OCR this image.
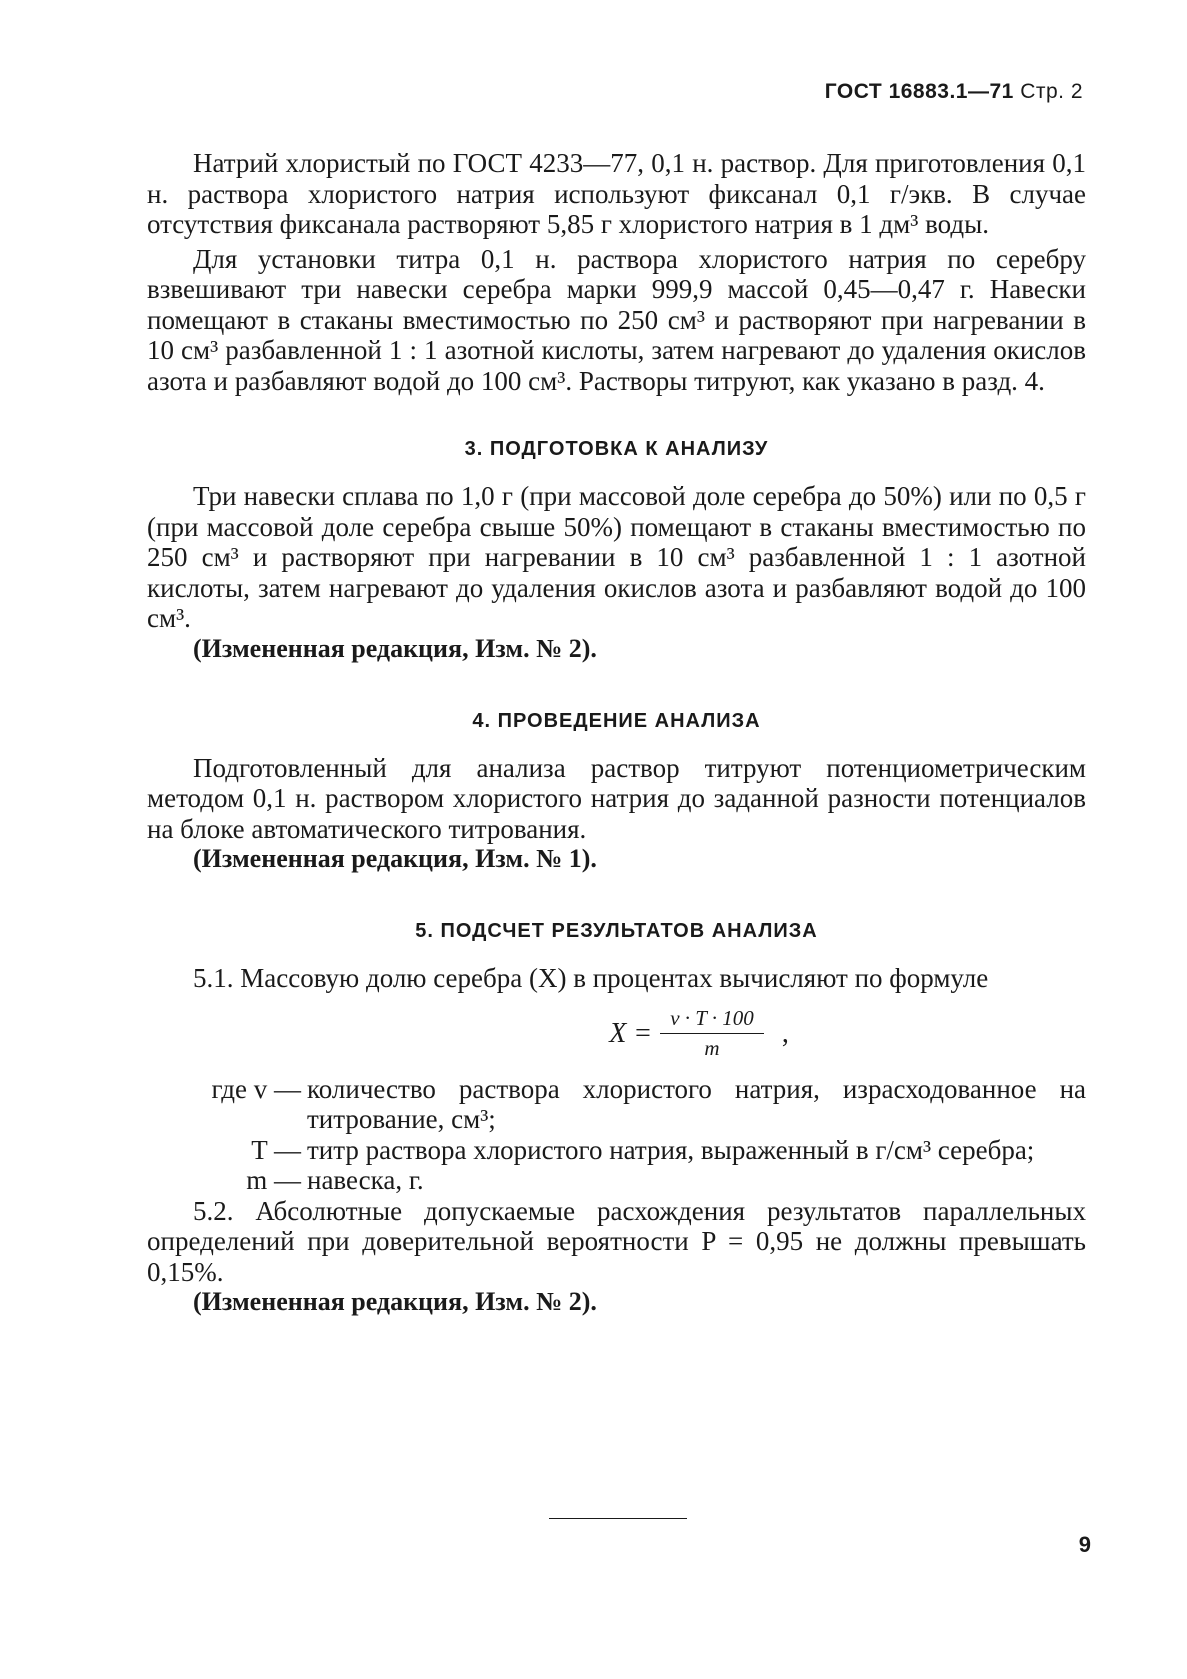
ГОСТ 16883.1—71 Стр. 2

Натрий хлористый по ГОСТ 4233—77, 0,1 н. раствор. Для приготовления 0,1 н. раствора хлористого натрия используют фиксанал 0,1 г/экв. В случае отсутствия фиксанала растворяют 5,85 г хлористого натрия в 1 дм³ воды.

Для установки титра 0,1 н. раствора хлористого натрия по серебру взвешивают три навески серебра марки 999,9 массой 0,45—0,47 г. Навески помещают в стаканы вместимостью по 250 см³ и растворяют при нагревании в 10 см³ разбавленной 1 : 1 азотной кислоты, затем нагревают до удаления окислов азота и разбавляют водой до 100 см³. Растворы титруют, как указано в разд. 4.

3. ПОДГОТОВКА К АНАЛИЗУ

Три навески сплава по 1,0 г (при массовой доле серебра до 50%) или по 0,5 г (при массовой доле серебра свыше 50%) помещают в стаканы вместимостью по 250 см³ и растворяют при нагревании в 10 см³ разбавленной 1 : 1 азотной кислоты, затем нагревают до удаления окислов азота и разбавляют водой до 100 см³.

(Измененная редакция, Изм. № 2).

4. ПРОВЕДЕНИЕ АНАЛИЗА

Подготовленный для анализа раствор титруют потенциометрическим методом 0,1 н. раствором хлористого натрия до заданной разности потенциалов на блоке автоматического титрования.

(Измененная редакция, Изм. № 1).

5. ПОДСЧЕТ РЕЗУЛЬТАТОВ АНАЛИЗА

5.1. Массовую долю серебра (X) в процентах вычисляют по формуле

$X = \frac{v \cdot T \cdot 100}{m}$ ,
где v — количество раствора хлористого натрия, израсходованное на титрование, см³;
T — титр раствора хлористого натрия, выраженный в г/см³ серебра;
m — навеска, г.

5.2. Абсолютные допускаемые расхождения результатов параллельных определений при доверительной вероятности P = 0,95 не должны превышать 0,15%.

(Измененная редакция, Изм. № 2).

9
